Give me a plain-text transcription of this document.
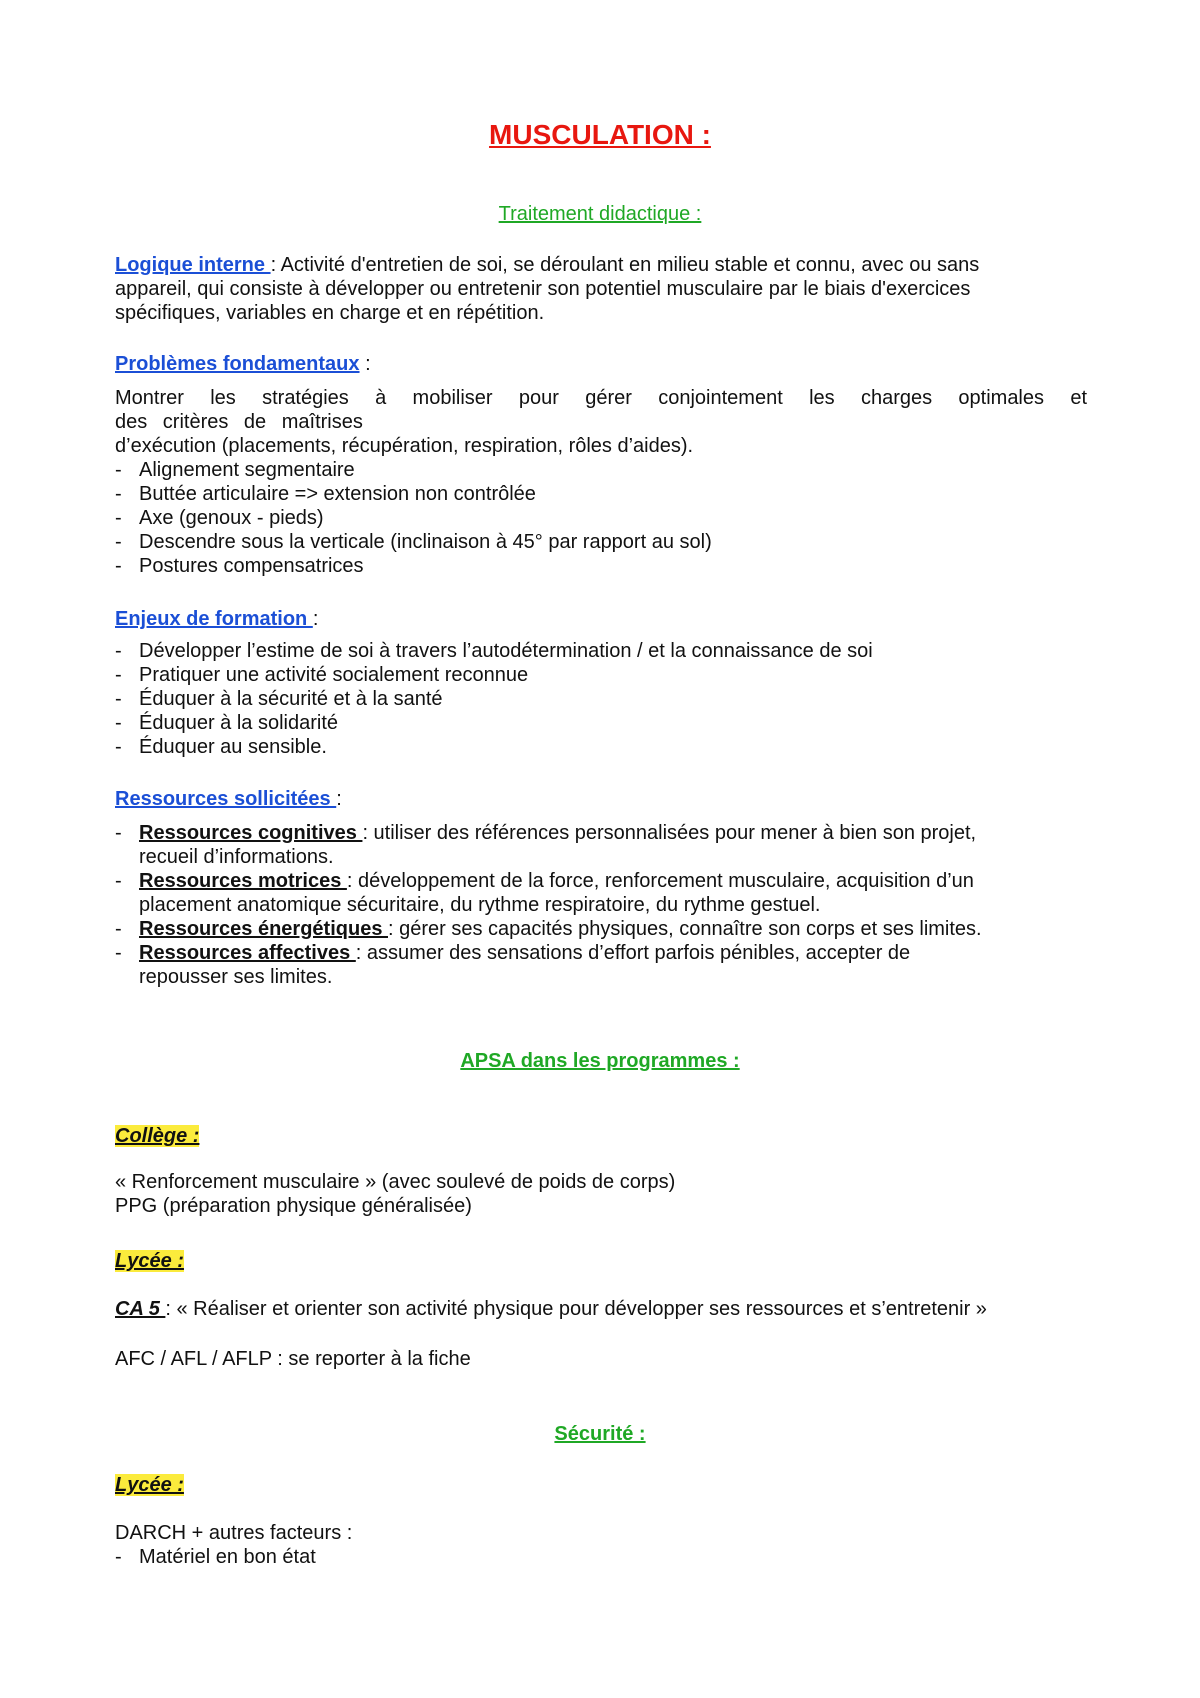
MUSCULATION :
Traitement didactique :

Logique interne : Activité d'entretien de soi, se déroulant en milieu stable et connu, avec ou sans

appareil, qui consiste à développer ou entretenir son potentiel musculaire par le biais d'exercices

spécifiques, variables en charge et en répétition.

Problèmes fondamentaux :

Montrer les stratégies à mobiliser pour gérer conjointement les charges optimales et

des critères de maîtrises

d’exécution (placements, récupération, respiration, rôles d’aides).

- Alignement segmentaire
- Buttée articulaire => extension non contrôlée
- Axe (genoux - pieds)
- Descendre sous la verticale (inclinaison à 45° par rapport au sol)
- Postures compensatrices

Enjeux de formation :

- Développer l’estime de soi à travers l’autodétermination / et la connaissance de soi
- Pratiquer une activité socialement reconnue
- Éduquer à la sécurité et à la santé
- Éduquer à la solidarité
- Éduquer au sensible.

Ressources sollicitées :

- Ressources cognitives : utiliser des références personnalisées pour mener à bien son projet,
recueil d’informations.
- Ressources motrices : développement de la force, renforcement musculaire, acquisition d’un
placement anatomique sécuritaire, du rythme respiratoire, du rythme gestuel.
- Ressources énergétiques : gérer ses capacités physiques, connaître son corps et ses limites.
- Ressources affectives : assumer des sensations d’effort parfois pénibles, accepter de
repousser ses limites.
APSA dans les programmes :

Collège :

« Renforcement musculaire » (avec soulevé de poids de corps)

PPG (préparation physique généralisée)

Lycée :

CA 5 : « Réaliser et orienter son activité physique pour développer ses ressources et s’entretenir »

AFC / AFL / AFLP : se reporter à la fiche

Sécurité :

Lycée :

DARCH + autres facteurs :

- Matériel en bon état
